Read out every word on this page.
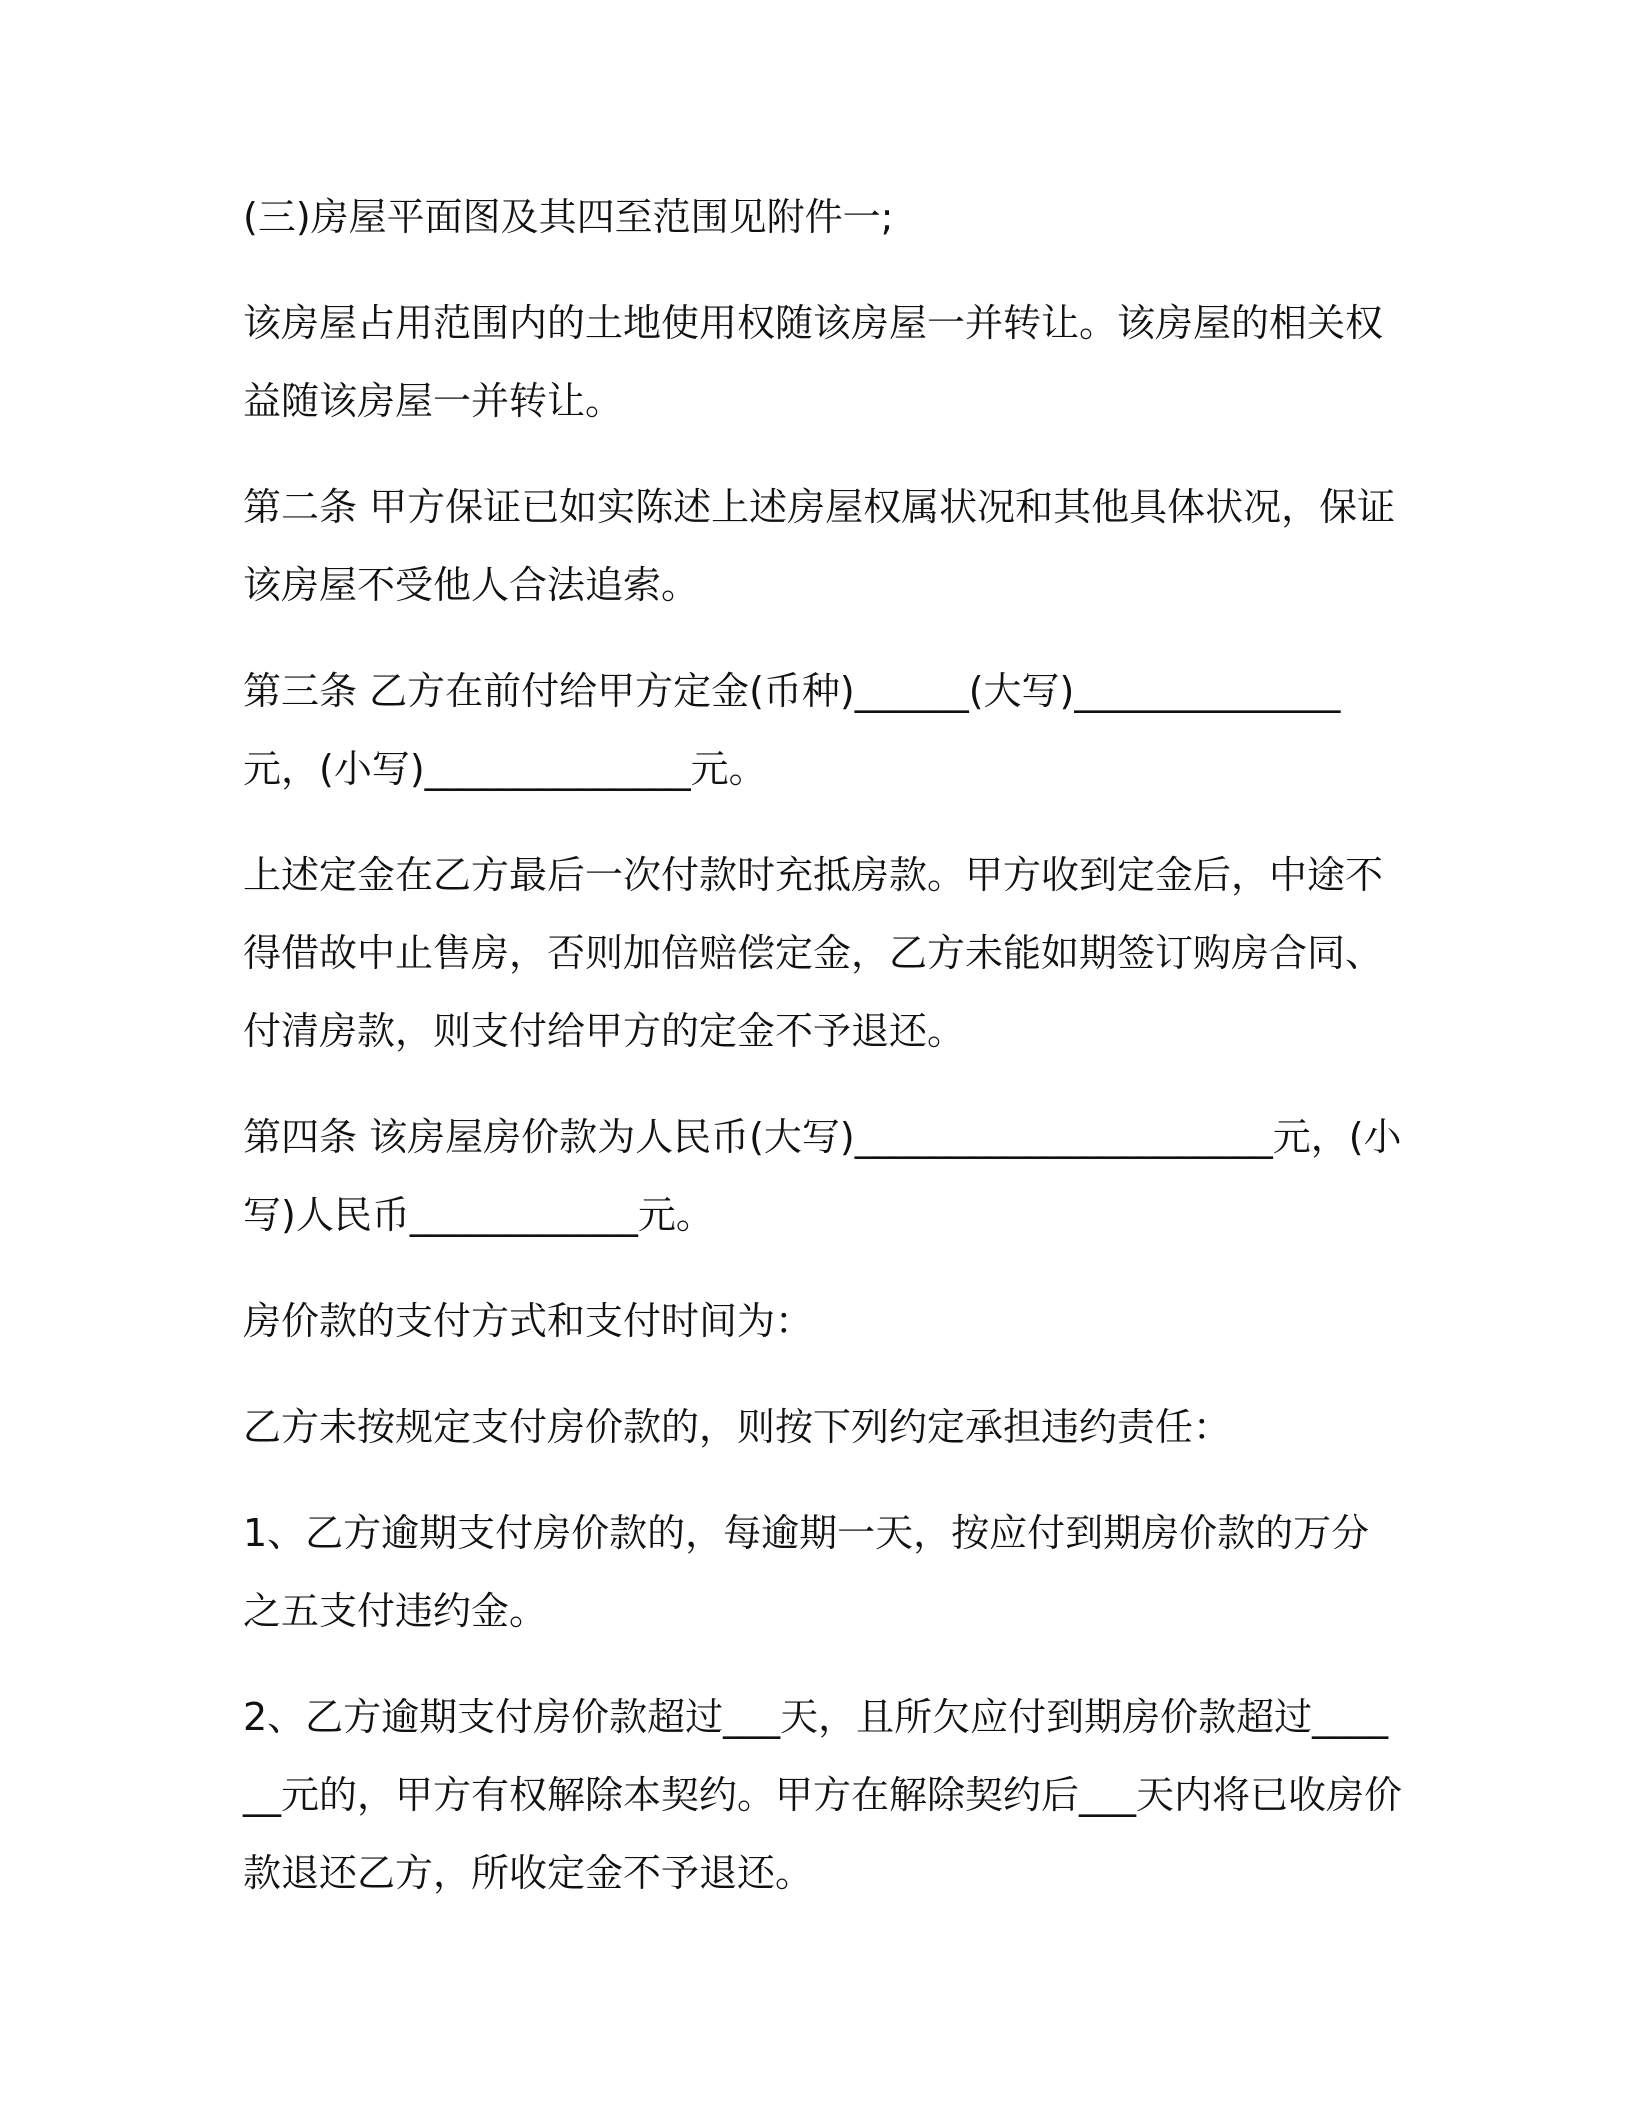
(三)房屋平面图及其四至范围见附件一;

该房屋占用范围内的土地使用权随该房屋一并转让。该房屋的相关权益随该房屋一并转让。

第二条 甲方保证已如实陈述上述房屋权属状况和其他具体状况，保证该房屋不受他人合法追索。

第三条 乙方在前付给甲方定金(币种)______(大写)______________元，(小写)______________元。

上述定金在乙方最后一次付款时充抵房款。甲方收到定金后，中途不得借故中止售房，否则加倍赔偿定金，乙方未能如期签订购房合同、付清房款，则支付给甲方的定金不予退还。

第四条 该房屋房价款为人民币(大写)______________________元，(小写)人民币____________元。

房价款的支付方式和支付时间为：

乙方未按规定支付房价款的，则按下列约定承担违约责任：

1、乙方逾期支付房价款的，每逾期一天，按应付到期房价款的万分之五支付违约金。

2、乙方逾期支付房价款超过___天，且所欠应付到期房价款超过______元的，甲方有权解除本契约。甲方在解除契约后___天内将已收房价款退还乙方，所收定金不予退还。
